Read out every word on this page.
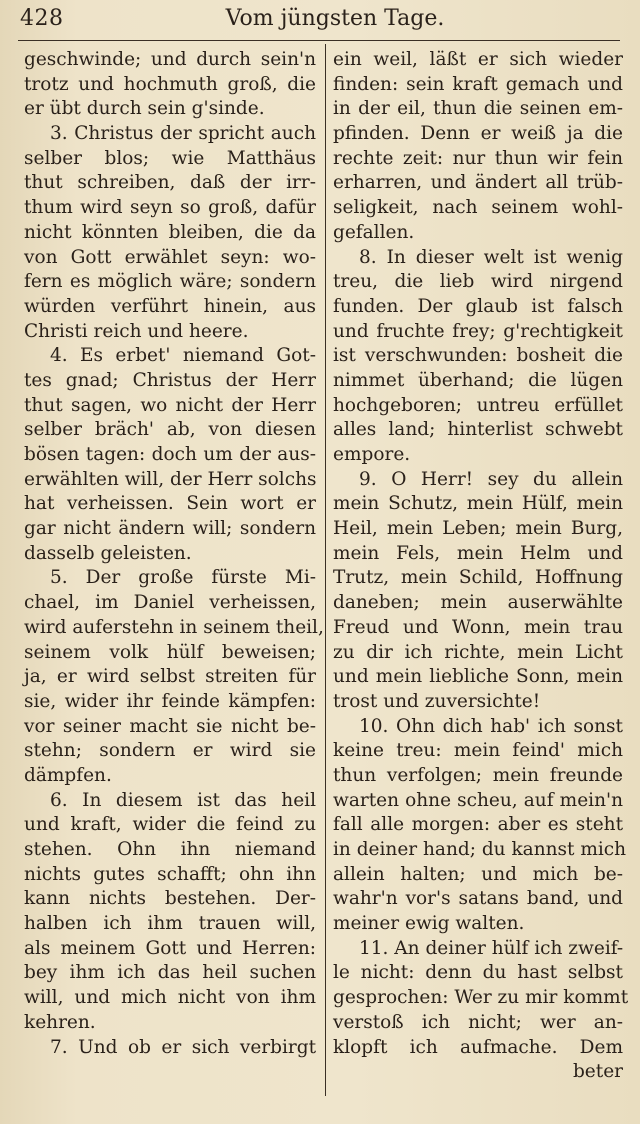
428	Vom jüngsten Tage.
geschwinde; und durch sein'n
trotz und hochmuth groß, die
er übt durch sein g'sinde.
3. Christus der spricht auch
selber blos; wie Matthäus
thut schreiben, daß der irr-
thum wird seyn so groß, dafür
nicht könnten bleiben, die da
von Gott erwählet seyn: wo-
fern es möglich wäre; sondern
würden verführt hinein, aus
Christi reich und heere.
4. Es erbet' niemand Got-
tes gnad; Christus der Herr
thut sagen, wo nicht der Herr
selber bräch' ab, von diesen
bösen tagen: doch um der aus-
erwählten will, der Herr solchs
hat verheissen. Sein wort er
gar nicht ändern will; sondern
dasselb geleisten.
5. Der große fürste Mi-
chael, im Daniel verheissen,
wird auferstehn in seinem theil,
seinem volk hülf beweisen;
ja, er wird selbst streiten für
sie, wider ihr feinde kämpfen:
vor seiner macht sie nicht be-
stehn; sondern er wird sie
dämpfen.
6. In diesem ist das heil
und kraft, wider die feind zu
stehen. Ohn ihn niemand
nichts gutes schafft; ohn ihn
kann nichts bestehen. Der-
halben ich ihm trauen will,
als meinem Gott und Herren:
bey ihm ich das heil suchen
will, und mich nicht von ihm
kehren.
7. Und ob er sich verbirgt
ein weil, läßt er sich wieder
finden: sein kraft gemach und
in der eil, thun die seinen em-
pfinden. Denn er weiß ja die
rechte zeit: nur thun wir fein
erharren, und ändert all trüb-
seligkeit, nach seinem wohl-
gefallen.
8. In dieser welt ist wenig
treu, die lieb wird nirgend
funden. Der glaub ist falsch
und fruchte frey; g'rechtigkeit
ist verschwunden: bosheit die
nimmet überhand; die lügen
hochgeboren; untreu erfüllet
alles land; hinterlist schwebt
empore.
9. O Herr! sey du allein
mein Schutz, mein Hülf, mein
Heil, mein Leben; mein Burg,
mein Fels, mein Helm und
Trutz, mein Schild, Hoffnung
daneben; mein auserwählte
Freud und Wonn, mein trau
zu dir ich richte, mein Licht
und mein liebliche Sonn, mein
trost und zuversichte!
10. Ohn dich hab' ich sonst
keine treu: mein feind' mich
thun verfolgen; mein freunde
warten ohne scheu, auf mein'n
fall alle morgen: aber es steht
in deiner hand; du kannst mich
allein halten; und mich be-
wahr'n vor's satans band, und
meiner ewig walten.
11. An deiner hülf ich zweif-
le nicht: denn du hast selbst
gesprochen: Wer zu mir kommt
verstoß ich nicht; wer an-
klopft ich aufmache. Dem
beter
